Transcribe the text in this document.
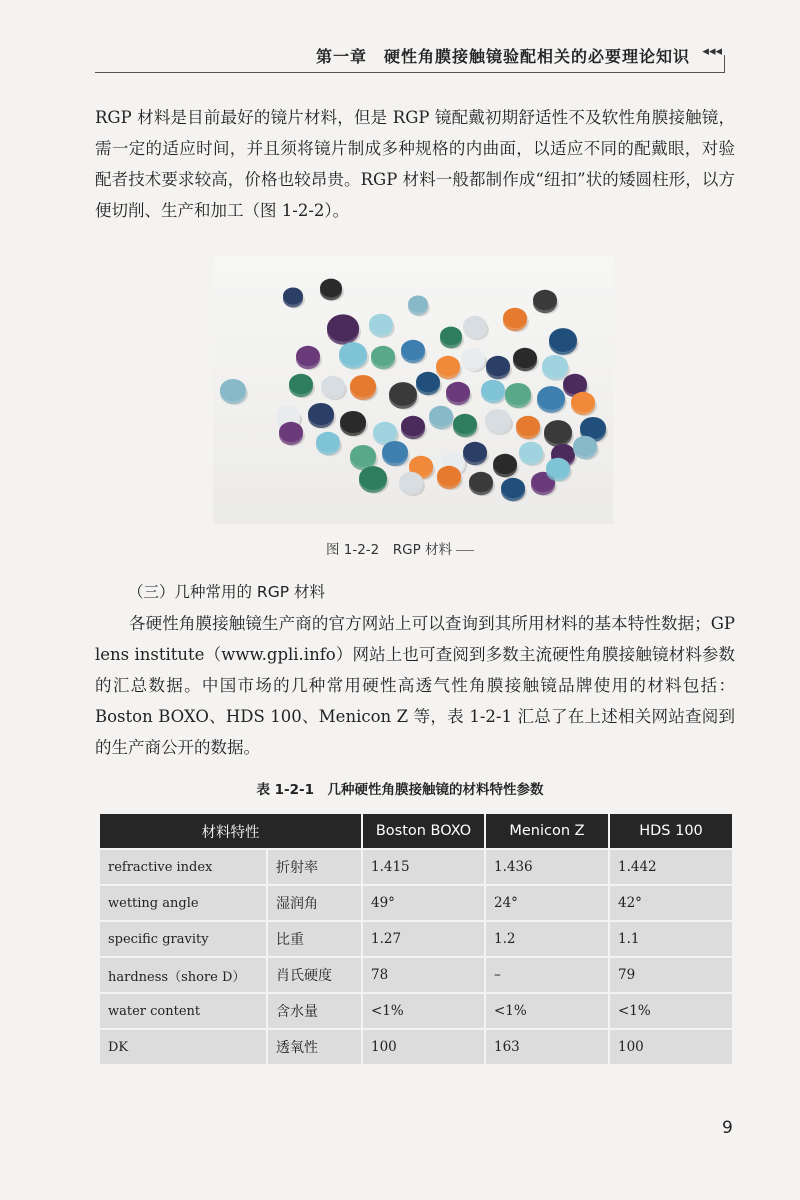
第一章　硬性角膜接触镜验配相关的必要理论知识 ◂◂◂

RGP 材料是目前最好的镜片材料，但是 RGP 镜配戴初期舒适性不及软性角膜接触镜，需一定的适应时间，并且须将镜片制成多种规格的内曲面，以适应不同的配戴眼，对验配者技术要求较高，价格也较昂贵。RGP 材料一般都制作成“纽扣”状的矮圆柱形，以方便切削、生产和加工（图 1-2-2）。

图 1-2-2　RGP 材料
（三）几种常用的 RGP 材料

各硬性角膜接触镜生产商的官方网站上可以查询到其所用材料的基本特性数据；GP lens institute（www.gpli.info）网站上也可查阅到多数主流硬性角膜接触镜材料参数的汇总数据。中国市场的几种常用硬性高透气性角膜接触镜品牌使用的材料包括：Boston BOXO、HDS 100、Menicon Z 等，表 1-2-1 汇总了在上述相关网站查阅到的生产商公开的数据。

表 1-2-1　几种硬性角膜接触镜的材料特性参数
材料特性		Boston BOXO	Menicon Z	HDS 100
refractive index	折射率	1.415	1.436	1.442
wetting angle	湿润角	49°	24°	42°
specific gravity	比重	1.27	1.2	1.1
hardness（shore D）	肖氏硬度	78	–	79
water content	含水量	<1%	<1%	<1%
DK	透氧性	100	163	100
9
